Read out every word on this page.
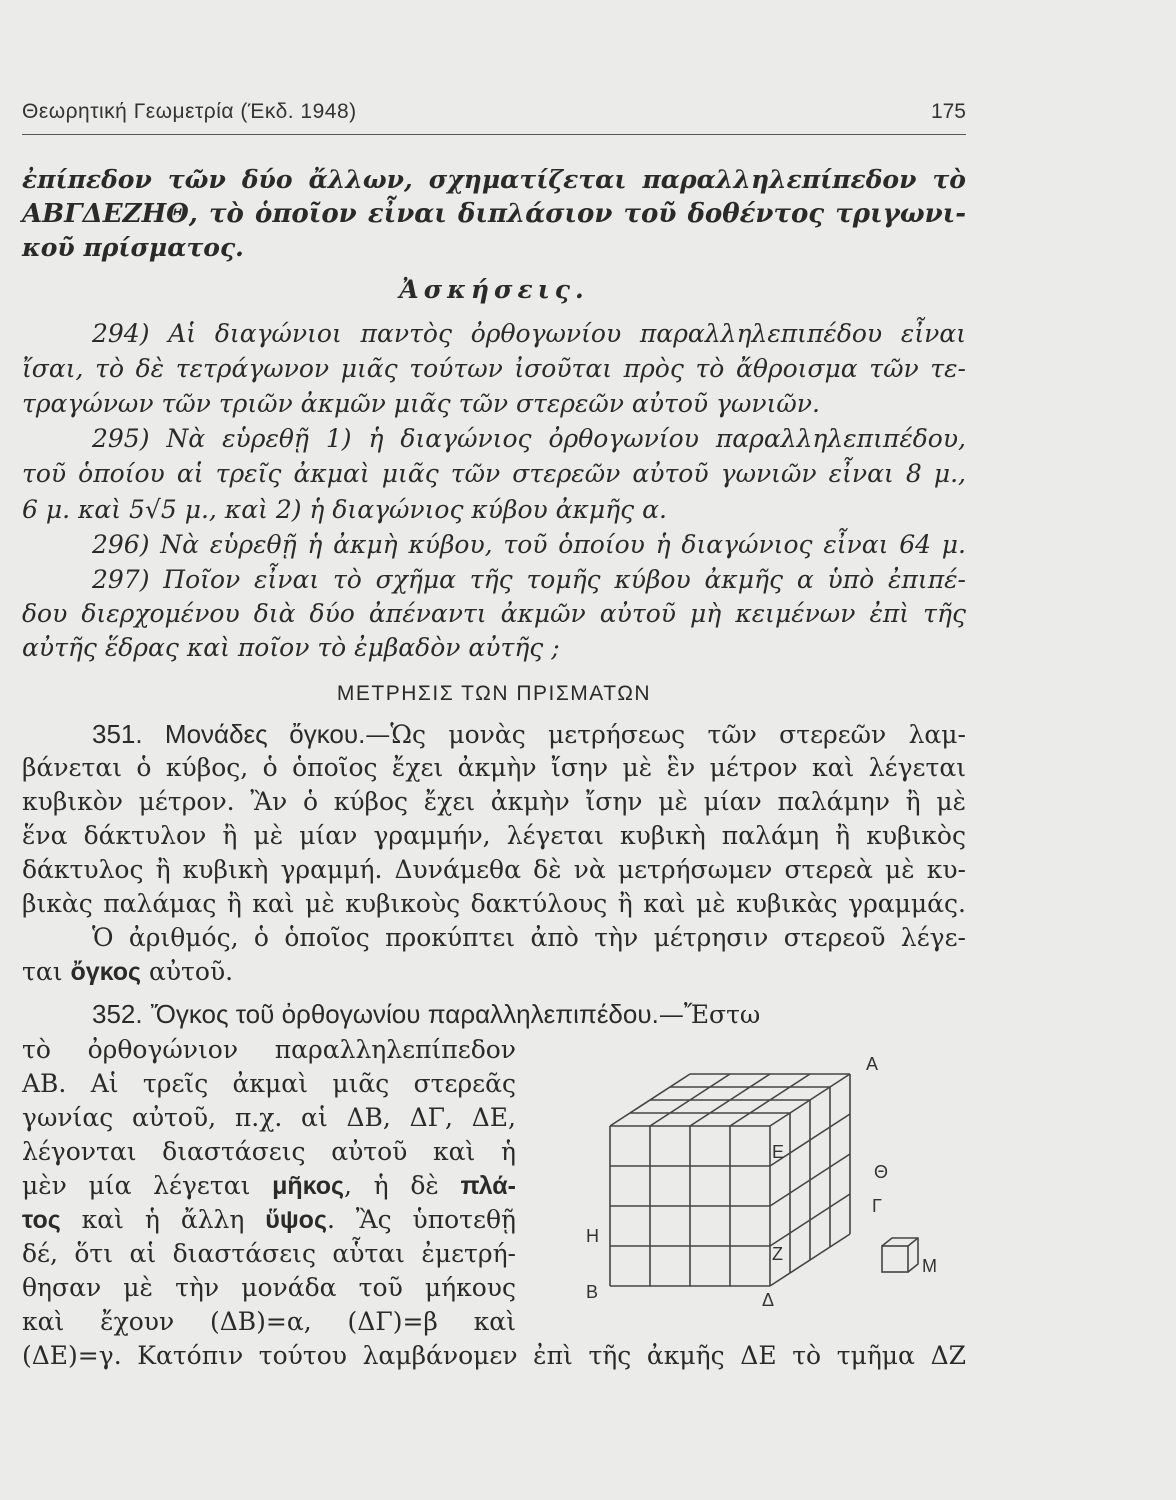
Θεωρητική Γεωμετρία (Έκδ. 1948)	175
ἐπίπεδον τῶν δύο ἄλλων, σχηματίζεται παραλληλεπίπεδον τὸ
ΑΒΓΔΕΖΗΘ, τὸ ὁποῖον εἶναι διπλάσιον τοῦ δοθέντος τριγωνι-
κοῦ πρίσματος.
Ἀσκήσεις.
294) Αἱ διαγώνιοι παντὸς ὀρθογωνίου παραλληλεπιπέδου εἶναι
ἴσαι, τὸ δὲ τετράγωνον μιᾶς τούτων ἰσοῦται πρὸς τὸ ἄθροισμα τῶν τε-
τραγώνων τῶν τριῶν ἀκμῶν μιᾶς τῶν στερεῶν αὐτοῦ γωνιῶν.
295) Νὰ εὑρεθῇ 1) ἡ διαγώνιος ὀρθογωνίου παραλληλεπιπέδου,
τοῦ ὁποίου αἱ τρεῖς ἀκμαὶ μιᾶς τῶν στερεῶν αὐτοῦ γωνιῶν εἶναι 8 μ.,
6 μ. καὶ 5√5 μ., καὶ 2) ἡ διαγώνιος κύβου ἀκμῆς α.
296) Νὰ εὑρεθῇ ἡ ἀκμὴ κύβου, τοῦ ὁποίου ἡ διαγώνιος εἶναι 64 μ.
297) Ποῖον εἶναι τὸ σχῆμα τῆς τομῆς κύβου ἀκμῆς α ὑπὸ ἐπιπέ-
δου διερχομένου διὰ δύο ἀπέναντι ἀκμῶν αὐτοῦ μὴ κειμένων ἐπὶ τῆς
αὐτῆς ἕδρας καὶ ποῖον τὸ ἐμβαδὸν αὐτῆς ;
ΜΕΤΡΗΣΙΣ ΤΩΝ ΠΡΙΣΜΑΤΩΝ
351. Μονάδες ὄγκου.—Ὡς μονὰς μετρήσεως τῶν στερεῶν λαμ-
βάνεται ὁ κύβος, ὁ ὁποῖος ἔχει ἀκμὴν ἴσην μὲ ἓν μέτρον καὶ λέγεται
κυβικὸν μέτρον. Ἂν ὁ κύβος ἔχει ἀκμὴν ἴσην μὲ μίαν παλάμην ἢ μὲ
ἕνα δάκτυλον ἢ μὲ μίαν γραμμήν, λέγεται κυβικὴ παλάμη ἢ κυβικὸς
δάκτυλος ἢ κυβικὴ γραμμή. Δυνάμεθα δὲ νὰ μετρήσωμεν στερεὰ μὲ κυ-
βικὰς παλάμας ἢ καὶ μὲ κυβικοὺς δακτύλους ἢ καὶ μὲ κυβικὰς γραμμάς.
Ὁ ἀριθμός, ὁ ὁποῖος προκύπτει ἀπὸ τὴν μέτρησιν στερεοῦ λέγε-
ται ὄγκος αὐτοῦ.
352. Ὄγκος τοῦ ὀρθογωνίου παραλληλεπιπέδου.—Ἔστω
τὸ ὀρθογώνιον παραλληλεπίπεδον
ΑΒ. Αἱ τρεῖς ἀκμαὶ μιᾶς στερεᾶς
γωνίας αὐτοῦ, π.χ. αἱ ΔΒ, ΔΓ, ΔΕ,
λέγονται διαστάσεις αὐτοῦ καὶ ἡ
μὲν μία λέγεται μῆκος, ἡ δὲ πλά-
τος καὶ ἡ ἄλλη ὕψος. Ἂς ὑποτεθῇ
δέ, ὅτι αἱ διαστάσεις αὗται ἐμετρή-
θησαν μὲ τὴν μονάδα τοῦ μήκους
καὶ ἔχουν (ΔΒ)=α, (ΔΓ)=β καὶ
(ΔΕ)=γ. Κατόπιν τούτου λαμβάνομεν ἐπὶ τῆς ἀκμῆς ΔΕ τὸ τμῆμα ΔΖ
Α
Ε
Θ
Γ
Η
Ζ
Β	Δ
Μ
